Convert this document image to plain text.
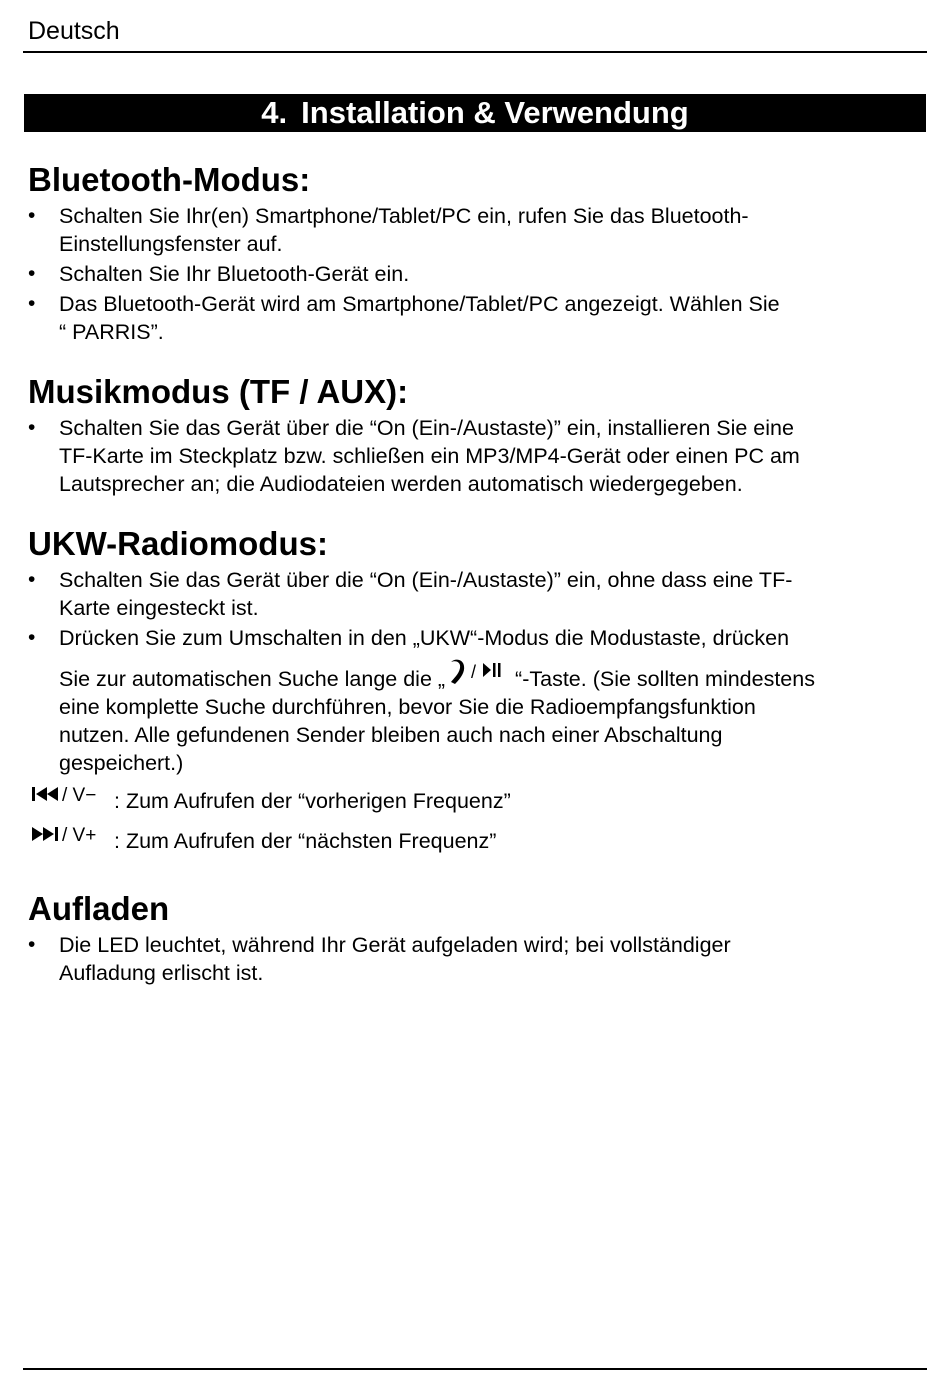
Deutsch
4. Installation & Verwendung
Bluetooth-Modus:
• Schalten Sie Ihr(en) Smartphone/Tablet/PC ein, rufen Sie das Bluetooth-
Einstellungsfenster auf.
• Schalten Sie Ihr Bluetooth-Gerät ein.
• Das Bluetooth-Gerät wird am Smartphone/Tablet/PC angezeigt. Wählen Sie
“ PARRIS”.
Musikmodus (TF / AUX):
• Schalten Sie das Gerät über die “On (Ein-/Austaste)” ein, installieren Sie eine
TF-Karte im Steckplatz bzw. schließen ein MP3/MP4-Gerät oder einen PC am
Lautsprecher an; die Audiodateien werden automatisch wiedergegeben.
UKW-Radiomodus:
• Schalten Sie das Gerät über die “On (Ein-/Austaste)” ein, ohne dass eine TF-
Karte eingesteckt ist.
• Drücken Sie zum Umschalten in den „UKW“-Modus die Modustaste, drücken
Sie zur automatischen Suche lange die „ / “-Taste. (Sie sollten mindestens
eine komplette Suche durchführen, bevor Sie die Radioempfangsfunktion
nutzen. Alle gefundenen Sender bleiben auch nach einer Abschaltung
gespeichert.)
/ V− : Zum Aufrufen der “vorherigen Frequenz”
/ V+ : Zum Aufrufen der “nächsten Frequenz”
Aufladen
• Die LED leuchtet, während Ihr Gerät aufgeladen wird; bei vollständiger
Aufladung erlischt ist.
